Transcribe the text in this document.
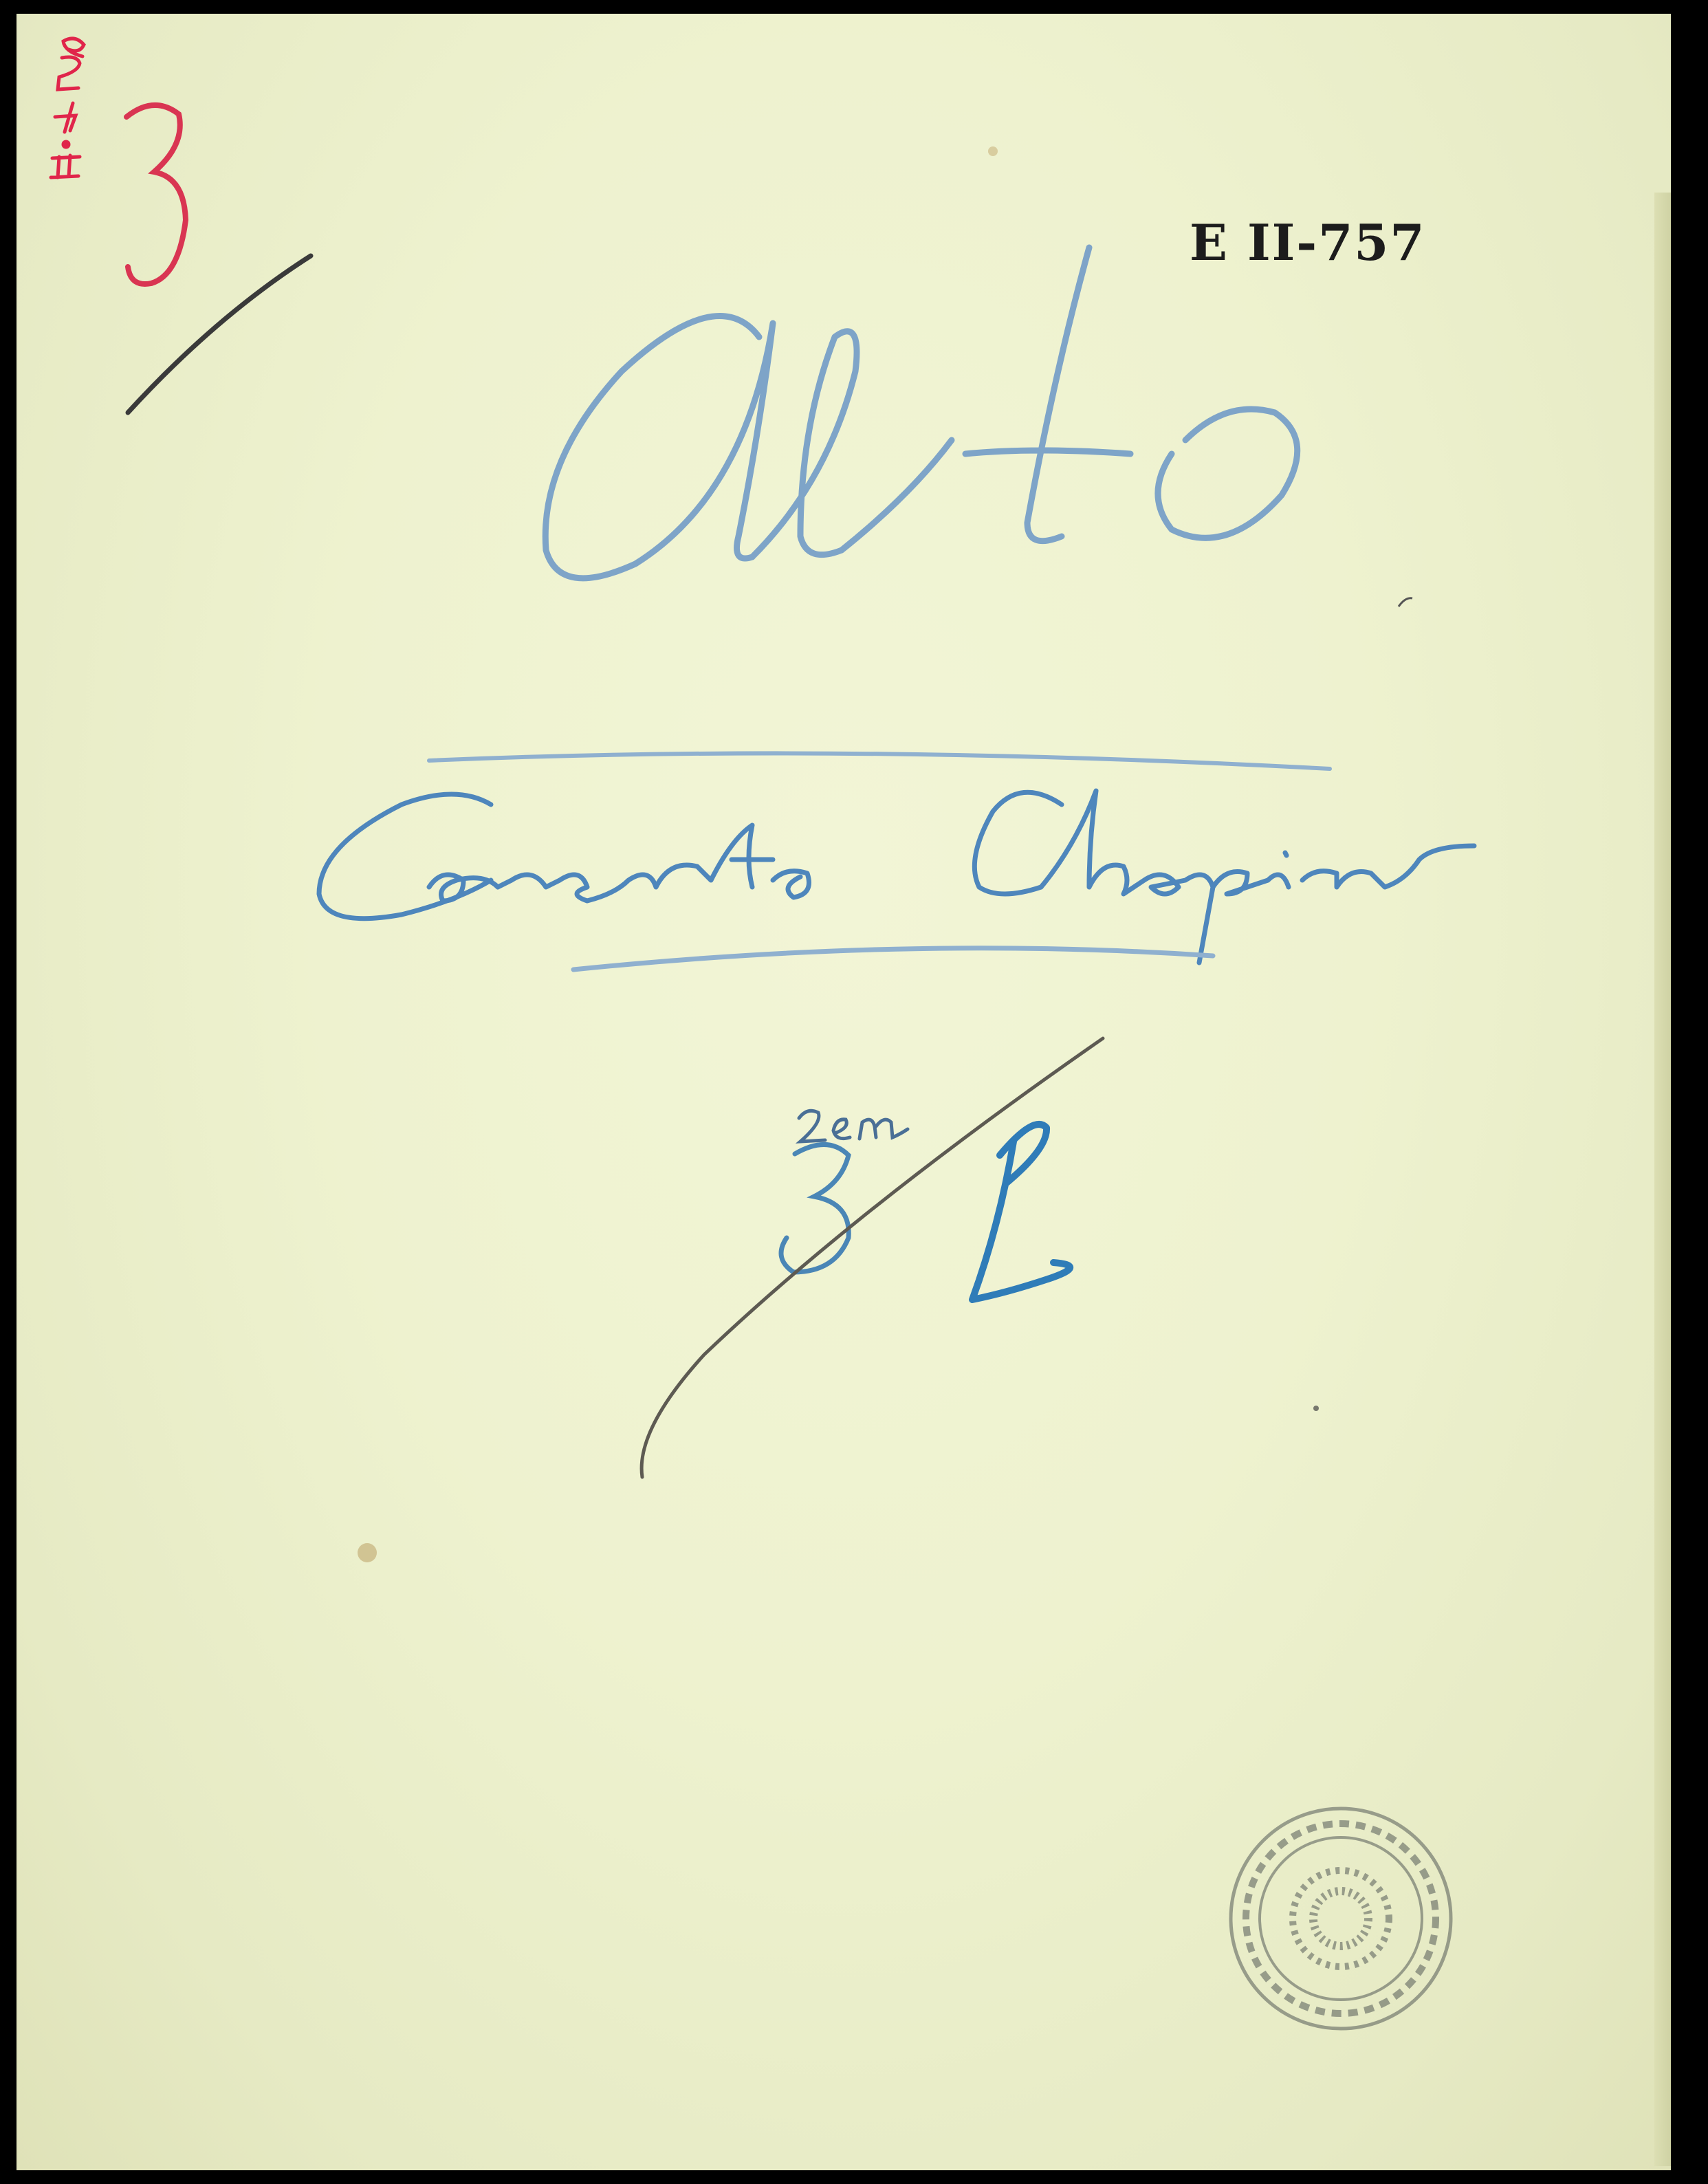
E II-757
